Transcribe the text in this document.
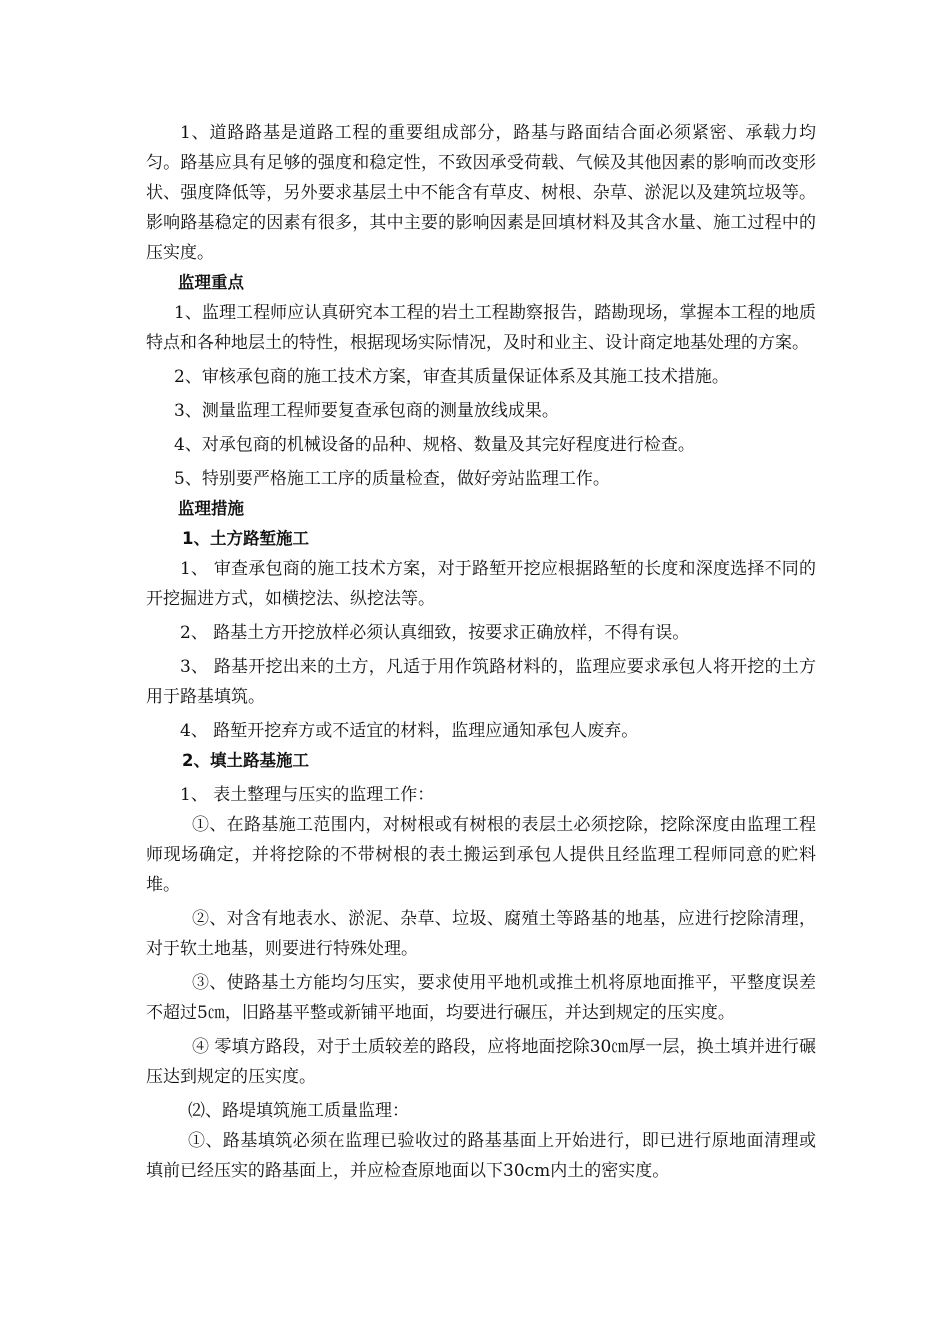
1、道路路基是道路工程的重要组成部分，路基与路面结合面必须紧密、承载力均匀。路基应具有足够的强度和稳定性，不致因承受荷载、气候及其他因素的影响而改变形状、强度降低等，另外要求基层土中不能含有草皮、树根、杂草、淤泥以及建筑垃圾等。影响路基稳定的因素有很多，其中主要的影响因素是回填材料及其含水量、施工过程中的压实度。

监理重点

1、监理工程师应认真研究本工程的岩土工程勘察报告，踏勘现场，掌握本工程的地质特点和各种地层土的特性，根据现场实际情况，及时和业主、设计商定地基处理的方案。

2、审核承包商的施工技术方案，审查其质量保证体系及其施工技术措施。

3、测量监理工程师要复查承包商的测量放线成果。

4、对承包商的机械设备的品种、规格、数量及其完好程度进行检查。

5、特别要严格施工工序的质量检查，做好旁站监理工作。

监理措施

1、土方路堑施工

1、 审查承包商的施工技术方案，对于路堑开挖应根据路堑的长度和深度选择不同的开挖掘进方式，如横挖法、纵挖法等。

2、 路基土方开挖放样必须认真细致，按要求正确放样，不得有误。

3、 路基开挖出来的土方，凡适于用作筑路材料的，监理应要求承包人将开挖的土方用于路基填筑。

4、 路堑开挖弃方或不适宜的材料，监理应通知承包人废弃。

2、填土路基施工

1、 表土整理与压实的监理工作：

①、在路基施工范围内，对树根或有树根的表层土必须挖除，挖除深度由监理工程师现场确定，并将挖除的不带树根的表土搬运到承包人提供且经监理工程师同意的贮料堆。

②、对含有地表水、淤泥、杂草、垃圾、腐殖土等路基的地基，应进行挖除清理，对于软土地基，则要进行特殊处理。

③、使路基土方能均匀压实，要求使用平地机或推土机将原地面推平，平整度误差不超过5㎝，旧路基平整或新铺平地面，均要进行碾压，并达到规定的压实度。

④ 零填方路段，对于土质较差的路段，应将地面挖除30㎝厚一层，换土填并进行碾压达到规定的压实度。

⑵、路堤填筑施工质量监理：

①、路基填筑必须在监理已验收过的路基基面上开始进行，即已进行原地面清理或填前已经压实的路基面上，并应检查原地面以下30cm内土的密实度。
